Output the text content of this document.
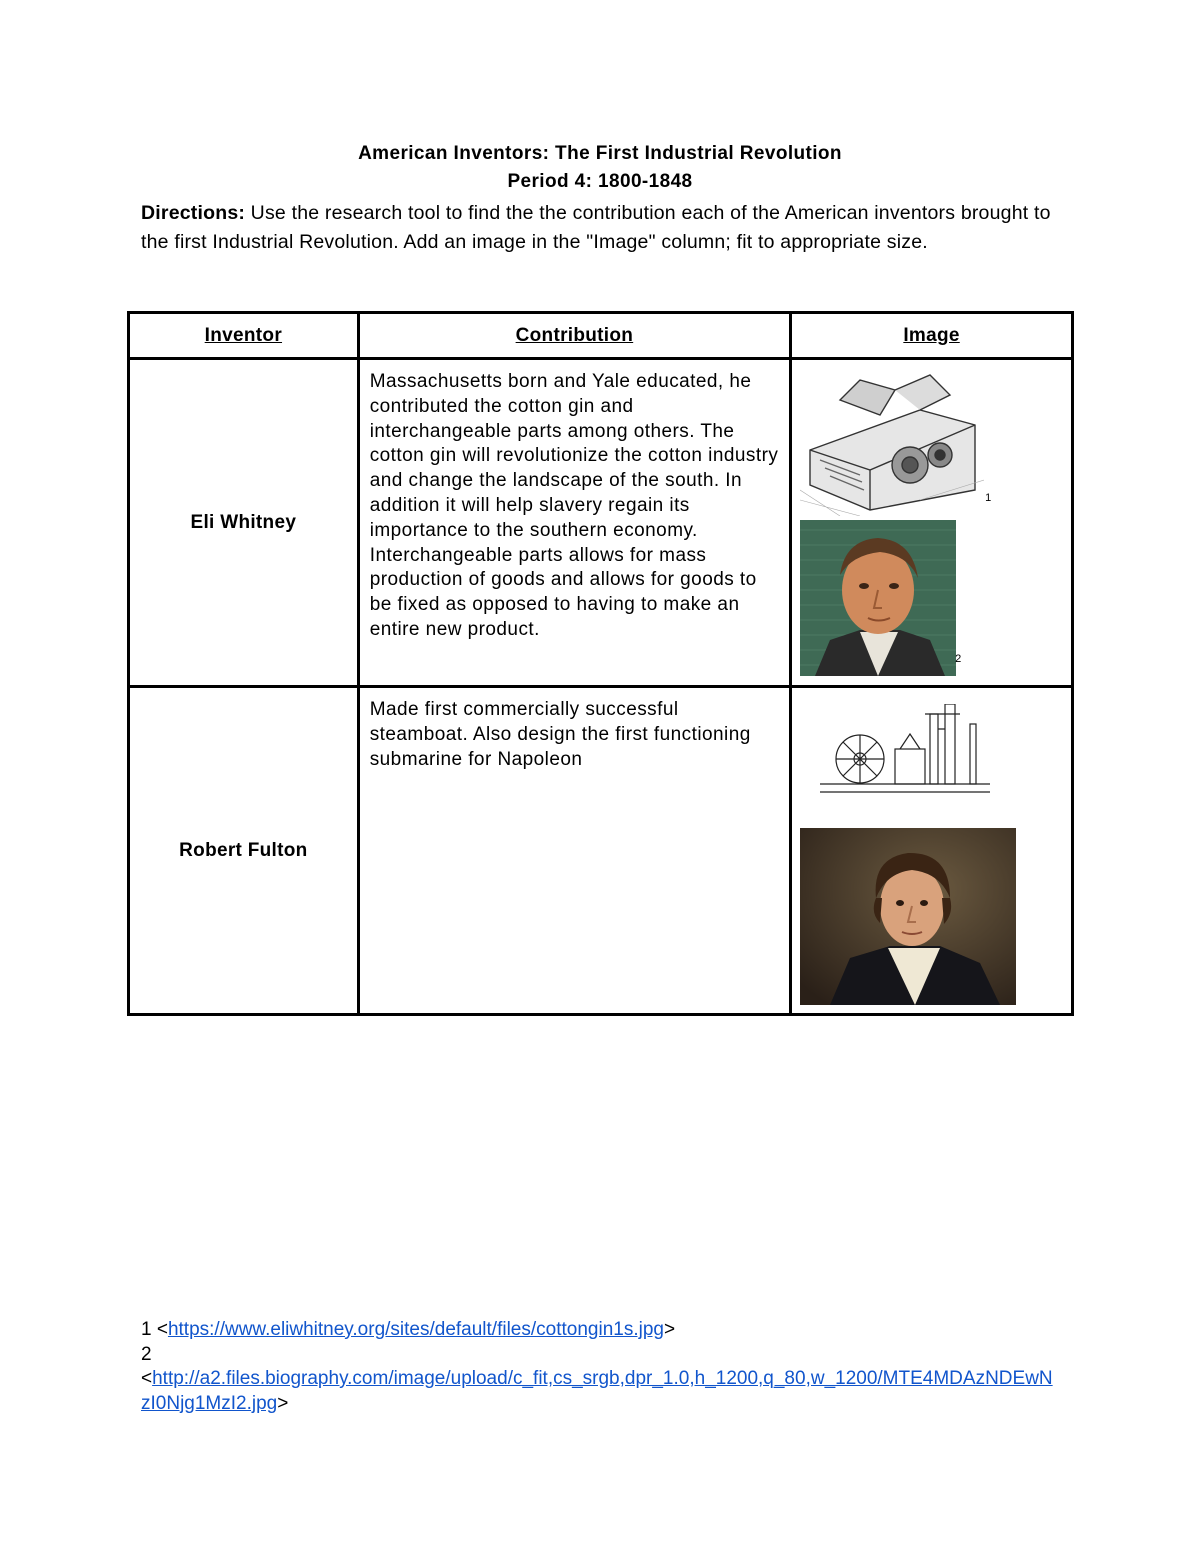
American Inventors: The First Industrial Revolution
Period 4: 1800-1848
Directions: Use the research tool to find the the contribution each of the American inventors brought to the first Industrial Revolution. Add an image in the "Image" column; fit to appropriate size.
Inventor	Contribution	Image
Eli Whitney	Massachusetts born and Yale educated, he contributed the cotton gin and interchangeable parts among others. The cotton gin will revolutionize the cotton industry and change the landscape of the south. In addition it will help slavery regain its importance to the southern economy. Interchangeable parts allows for mass production of goods and allows for goods to be fixed as opposed to having to make an entire new product.	1
2

Robert Fulton	Made first commercially successful steamboat. Also design the first functioning submarine for Napoleon

1 <https://www.eliwhitney.org/sites/default/files/cottongin1s.jpg>
2
<http://a2.files.biography.com/image/upload/c_fit,cs_srgb,dpr_1.0,h_1200,q_80,w_1200/MTE4MDAzNDEwNzI0Njg1MzI2.jpg>
